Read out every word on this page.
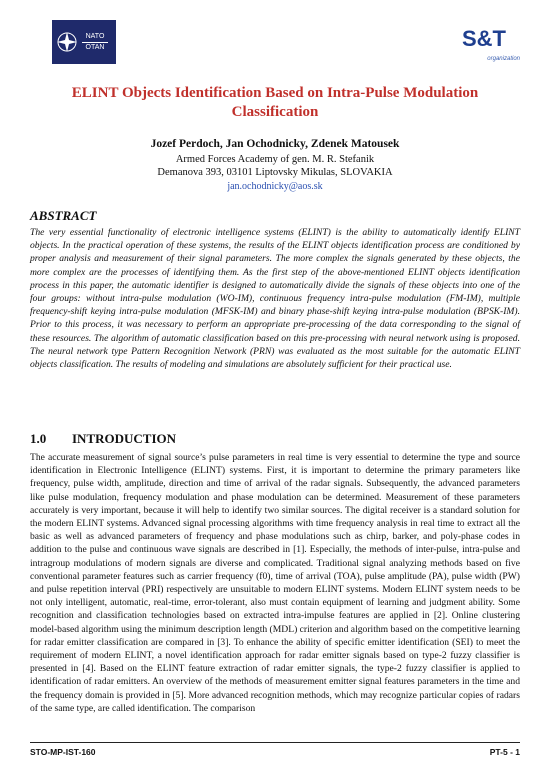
NATO
OTAN	S&T
organization
ELINT Objects Identification Based on Intra-Pulse Modulation Classification
Jozef Perdoch, Jan Ochodnicky, Zdenek Matousek
Armed Forces Academy of gen. M. R. Stefanik
Demanova 393, 03101 Liptovsky Mikulas, SLOVAKIA
jan.ochodnicky@aos.sk
ABSTRACT
The very essential functionality of electronic intelligence systems (ELINT) is the ability to automatically identify ELINT objects. In the practical operation of these systems, the results of the ELINT objects identification process are conditioned by proper analysis and measurement of their signal parameters. The more complex the signals generated by these objects, the more complex are the processes of identifying them. As the first step of the above-mentioned ELINT objects identification process in this paper, the automatic identifier is designed to automatically divide the signals of these objects into one of the four groups: without intra-pulse modulation (WO-IM), continuous frequency intra-pulse modulation (FM-IM), multiple frequency-shift keying intra-pulse modulation (MFSK-IM) and binary phase-shift keying intra-pulse modulation (BPSK-IM). Prior to this process, it was necessary to perform an appropriate pre-processing of the data corresponding to the signal of these resources. The algorithm of automatic classification based on this pre-processing with neural network using is proposed. The neural network type Pattern Recognition Network (PRN) was evaluated as the most suitable for the automatic ELINT objects classification. The results of modeling and simulations are absolutely sufficient for their practical use.
1.0 INTRODUCTION
The accurate measurement of signal source’s pulse parameters in real time is very essential to determine the type and source identification in Electronic Intelligence (ELINT) systems. First, it is important to determine the primary parameters like frequency, pulse width, amplitude, direction and time of arrival of the radar signals. Subsequently, the advanced parameters like pulse modulation, frequency modulation and phase modulation can be determined. Measurement of these parameters accurately is very important, because it will help to identify two similar sources. The digital receiver is a standard solution for the modern ELINT systems. Advanced signal processing algorithms with time frequency analysis in real time to extract all the basic as well as advanced parameters of frequency and phase modulations such as chirp, barker, and poly-phase codes in addition to the pulse and continuous wave signals are described in [1]. Especially, the methods of inter-pulse, intra-pulse and intragroup modulations of modern signals are diverse and complicated. Traditional signal analyzing methods based on five conventional parameter features such as carrier frequency (f0), time of arrival (TOA), pulse amplitude (PA), pulse width (PW) and pulse repetition interval (PRI) respectively are unsuitable to modern ELINT systems. Modern ELINT system needs to be not only intelligent, automatic, real-time, error-tolerant, also must contain equipment of learning and judgment ability. Some recognition and classification technologies based on extracted intra-impulse features are applied in [2]. Online clustering model-based algorithm using the minimum description length (MDL) criterion and algorithm based on the competitive learning for radar emitter classification are compared in [3]. To enhance the ability of specific emitter identification (SEI) to meet the requirement of modern ELINT, a novel identification approach for radar emitter signals based on type-2 fuzzy classifier is presented in [4]. Based on the ELINT feature extraction of radar emitter signals, the type-2 fuzzy classifier is applied to identification of radar emitters. An overview of the methods of measurement emitter signal features parameters in the time and the frequency domain is provided in [5]. More advanced recognition methods, which may recognize particular copies of radars of the same type, are called identification. The comparison
STO-MP-IST-160	PT-5 - 1
